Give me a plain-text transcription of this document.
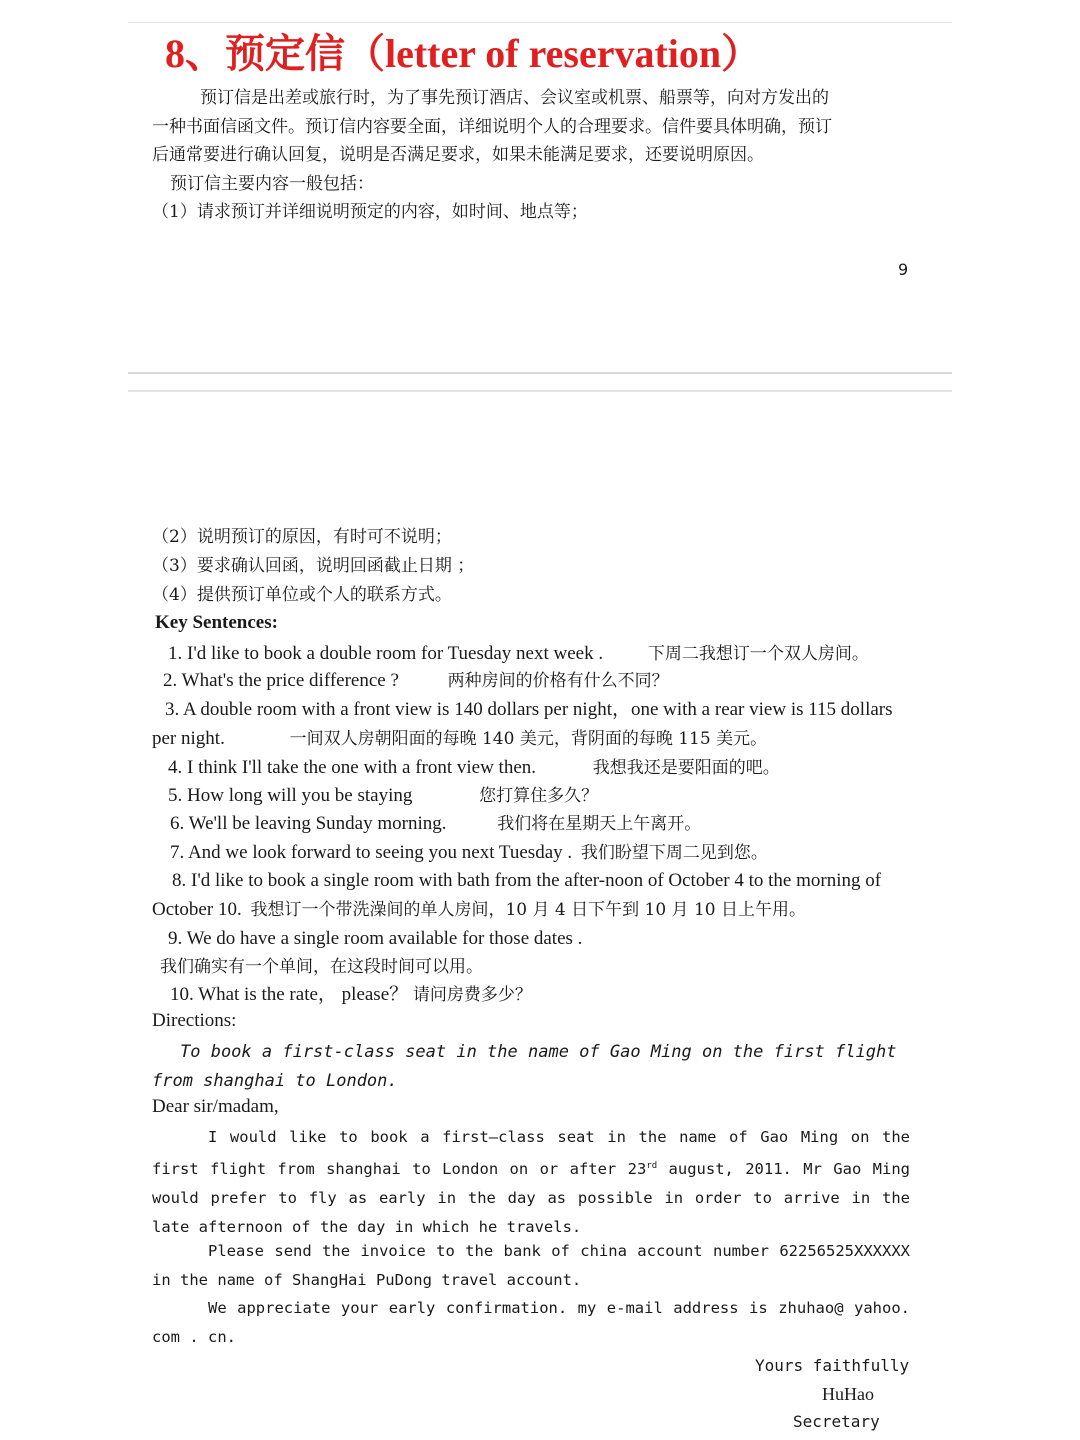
8、预定信（letter of reservation）
预订信是出差或旅行时，为了事先预订酒店、会议室或机票、船票等，向对方发出的
一种书面信函文件。预订信内容要全面，详细说明个人的合理要求。信件要具体明确，预订
后通常要进行确认回复，说明是否满足要求，如果未能满足要求，还要说明原因。
预订信主要内容一般包括：
（1）请求预订并详细说明预定的内容，如时间、地点等；
9
（2）说明预订的原因，有时可不说明；
（3）要求确认回函，说明回函截止日期 ；
（4）提供预订单位或个人的联系方式。
Key Sentences:
1. I'd like to book a double room for Tuesday next week .	下周二我想订一个双人房间。
2. What's the price difference ?	两种房间的价格有什么不同？
3. A double room with a front view is 140 dollars per night，one with a rear view is 115 dollars
per night.	一间双人房朝阳面的每晚 140 美元，背阴面的每晚 115 美元。
4. I think I'll take the one with a front view then.	我想我还是要阳面的吧。
5. How long will you be staying	您打算住多久？
6. We'll be leaving Sunday morning.	我们将在星期天上午离开。
7. And we look forward to seeing you next Tuesday . 我们盼望下周二见到您。
8. I'd like to book a single room with bath from the after-noon of October 4 to the morning of
October 10. 我想订一个带洗澡间的单人房间，10 月 4 日下午到 10 月 10 日上午用。
9. We do have a single room available for those dates .
我们确实有一个单间，在这段时间可以用。
10. What is the rate， please？ 请问房费多少？
Directions:
To book a first-class seat in the name of Gao Ming on the first flight from shanghai to London.
Dear sir/madam,
I would like to book a first—class seat in the name of Gao Ming on the first flight from shanghai to London on or after 23rd august, 2011. Mr Gao Ming would prefer to fly as early in the day as possible in order to arrive in the late afternoon of the day in which he travels.
Please send the invoice to the bank of china account number 62256525XXXXXX in the name of ShangHai PuDong travel account.
We appreciate your early confirmation. my e-mail address is zhuhao@ yahoo. com . cn.
Yours faithfully
HuHao
Secretary
